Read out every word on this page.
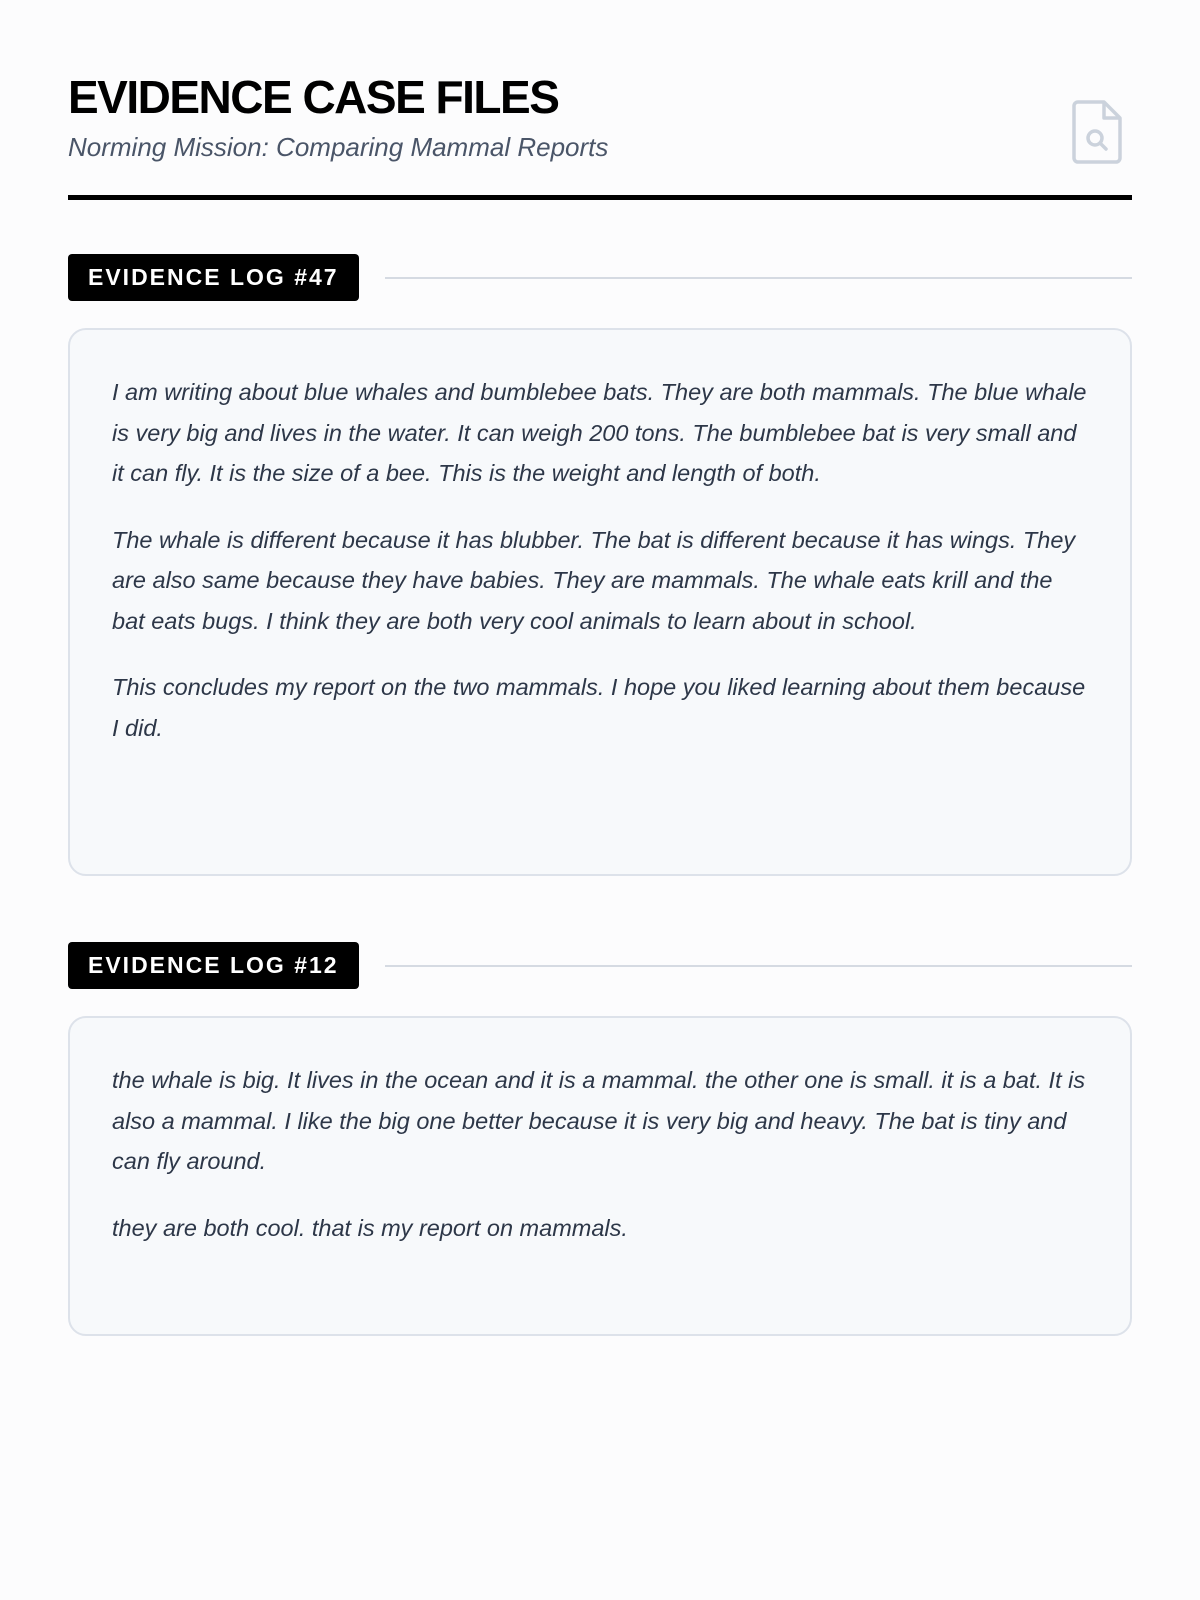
EVIDENCE CASE FILES
Norming Mission: Comparing Mammal Reports
EVIDENCE LOG #47

I am writing about blue whales and bumblebee bats. They are both mammals. The blue whale is very big and lives in the water. It can weigh 200 tons. The bumblebee bat is very small and it can fly. It is the size of a bee. This is the weight and length of both.

The whale is different because it has blubber. The bat is different because it has wings. They are also same because they have babies. They are mammals. The whale eats krill and the bat eats bugs. I think they are both very cool animals to learn about in school.

This concludes my report on the two mammals. I hope you liked learning about them because I did.

EVIDENCE LOG #12

the whale is big. It lives in the ocean and it is a mammal. the other one is small. it is a bat. It is also a mammal. I like the big one better because it is very big and heavy. The bat is tiny and can fly around.

they are both cool. that is my report on mammals.
